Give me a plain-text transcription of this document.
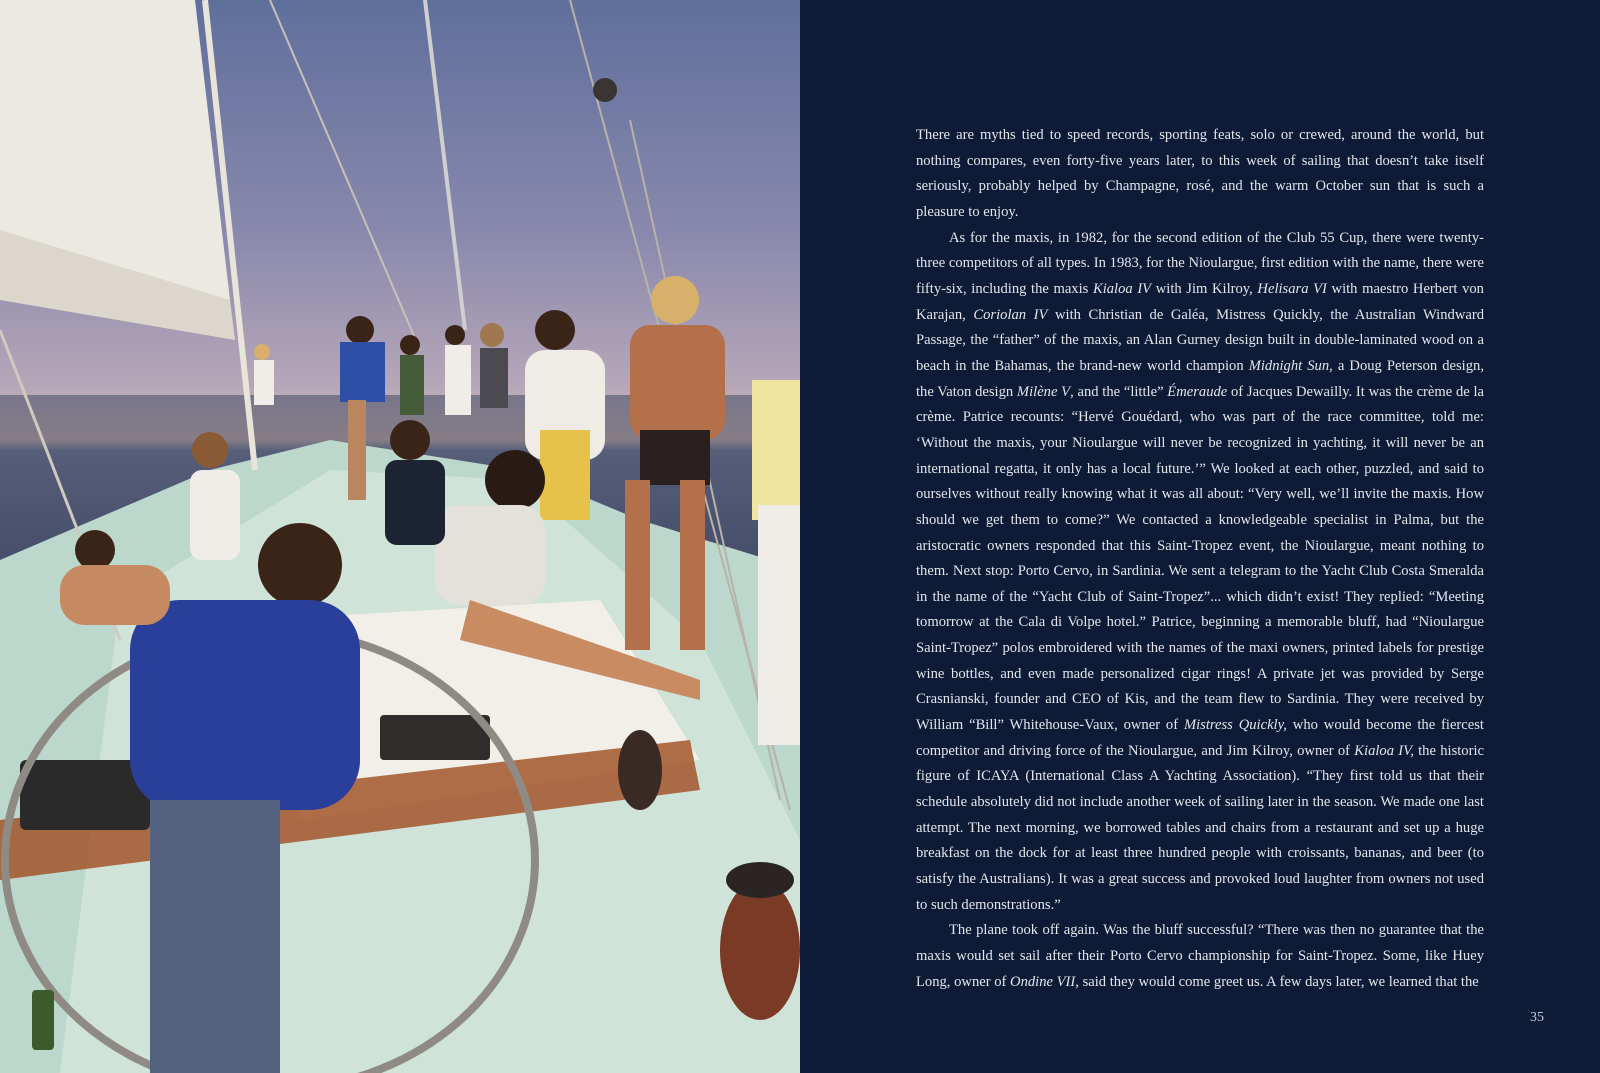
There are myths tied to speed records, sporting feats, solo or crewed, around the world, but nothing compares, even forty-five years later, to this week of sailing that doesn’t take itself seriously, probably helped by Champagne, rosé, and the warm October sun that is such a pleasure to enjoy.

As for the maxis, in 1982, for the second edition of the Club 55 Cup, there were twenty-three competitors of all types. In 1983, for the Nioulargue, first edition with the name, there were fifty-six, including the maxis Kialoa IV with Jim Kilroy, Helisara VI with maestro Herbert von Karajan, Coriolan IV with Christian de Galéa, Mistress Quickly, the Australian Windward Passage, the “father” of the maxis, an Alan Gurney design built in double-laminated wood on a beach in the Bahamas, the brand-new world champion Midnight Sun, a Doug Peterson design, the Vaton design Milène V, and the “little” Émeraude of Jacques Dewailly. It was the crème de la crème. Patrice recounts: “Hervé Gouédard, who was part of the race committee, told me: ‘Without the maxis, your Nioulargue will never be recognized in yachting, it will never be an international regatta, it only has a local future.’” We looked at each other, puzzled, and said to ourselves without really knowing what it was all about: “Very well, we’ll invite the maxis. How should we get them to come?” We contacted a knowledgeable specialist in Palma, but the aristocratic owners responded that this Saint-Tropez event, the Nioulargue, meant nothing to them. Next stop: Porto Cervo, in Sardinia. We sent a telegram to the Yacht Club Costa Smeralda in the name of the “Yacht Club of Saint-Tropez”... which didn’t exist! They replied: “Meeting tomorrow at the Cala di Volpe hotel.” Patrice, beginning a memorable bluff, had “Nioulargue Saint-Tropez” polos embroidered with the names of the maxi owners, printed labels for prestige wine bottles, and even made personalized cigar rings! A private jet was provided by Serge Crasnianski, founder and CEO of Kis, and the team flew to Sardinia. They were received by William “Bill” Whitehouse-Vaux, owner of Mistress Quickly, who would become the fiercest competitor and driving force of the Nioulargue, and Jim Kilroy, owner of Kialoa IV, the historic figure of ICAYA (International Class A Yachting Association). “They first told us that their schedule absolutely did not include another week of sailing later in the season. We made one last attempt. The next morning, we borrowed tables and chairs from a restaurant and set up a huge breakfast on the dock for at least three hundred people with croissants, bananas, and beer (to satisfy the Australians). It was a great success and provoked loud laughter from owners not used to such demonstrations.”

The plane took off again. Was the bluff successful? “There was then no guarantee that the maxis would set sail after their Porto Cervo championship for Saint-Tropez. Some, like Huey Long, owner of Ondine VII, said they would come greet us. A few days later, we learned that the

35
